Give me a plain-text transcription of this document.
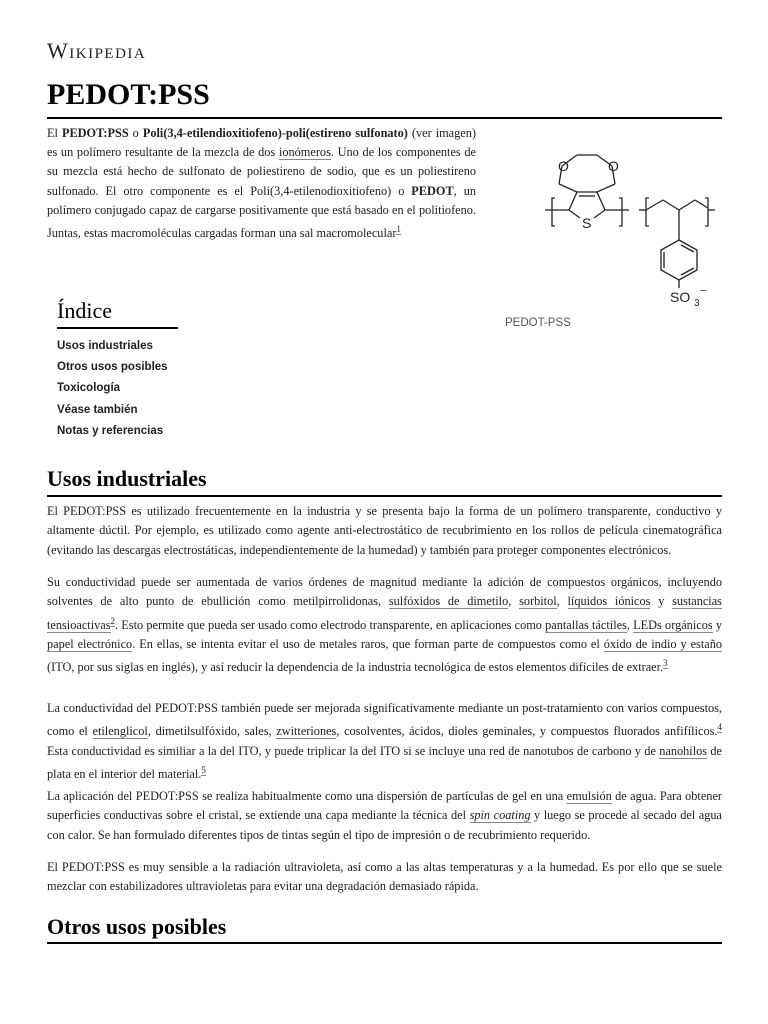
Wikipedia
PEDOT:PSS

El PEDOT:PSS o Poli(3,4-etilendioxitiofeno)-poli(estireno sulfonato) (ver imagen) es un polímero resultante de la mezcla de dos ionómeros. Uno de los componentes de su mezcla está hecho de sulfonato de poliestireno de sodio, que es un poliestireno sulfonado. El otro componente es el Poli(3,4-etilenodioxitiofeno) o PEDOT, un polímero conjugado capaz de cargarse positivamente que está basado en el politiofeno. Juntas, estas macromoléculas cargadas forman una sal macromolecular$^1$

O	O
S
SO 3
−
PEDOT-PSS
Índice
Usos industriales
Otros usos posibles
Toxicología
Véase también
Notas y referencias
Usos industriales

El PEDOT:PSS es utilizado frecuentemente en la industria y se presenta bajo la forma de un polímero transparente, conductivo y altamente dúctil. Por ejemplo, es utilizado como agente anti-electrostático de recubrimiento en los rollos de película cinematográfica (evitando las descargas electrostáticas, independientemente de la humedad) y también para proteger componentes electrónicos.

Su conductividad puede ser aumentada de varios órdenes de magnitud mediante la adición de compuestos orgánicos, incluyendo solventes de alto punto de ebullición como metilpirrolidonas, sulfóxidos de dimetilo, sorbitol, líquidos iónicos y sustancias tensioactivas$^2$. Esto permite que pueda ser usado como electrodo transparente, en aplicaciones como pantallas táctiles, LEDs orgánicos y papel electrónico. En ellas, se intenta evitar el uso de metales raros, que forman parte de compuestos como el óxido de indio y estaño (ITO, por sus siglas en inglés), y así reducir la dependencia de la industria tecnológica de estos elementos difíciles de extraer.$^3$

La conductividad del PEDOT:PSS también puede ser mejorada significativamente mediante un post-tratamiento con varios compuestos, como el etilenglicol, dimetilsulfóxido, sales, zwitteriones, cosolventes, ácidos, dioles geminales, y compuestos fluorados anfifílicos.$^4$ Esta conductividad es similiar a la del ITO, y puede triplicar la del ITO si se incluye una red de nanotubos de carbono y de nanohilos de plata en el interior del material.$^5$

La aplicación del PEDOT:PSS se realiza habitualmente como una dispersión de partículas de gel en una emulsión de agua. Para obtener superficies conductivas sobre el cristal, se extiende una capa mediante la técnica del spin coating y luego se procede al secado del agua con calor. Se han formulado diferentes tipos de tintas según el tipo de impresión o de recubrimiento requerido.

El PEDOT:PSS es muy sensible a la radiación ultravioleta, así como a las altas temperaturas y a la humedad. Es por ello que se suele mezclar con estabilizadores ultravioletas para evitar una degradación demasiado rápida.

Otros usos posibles
